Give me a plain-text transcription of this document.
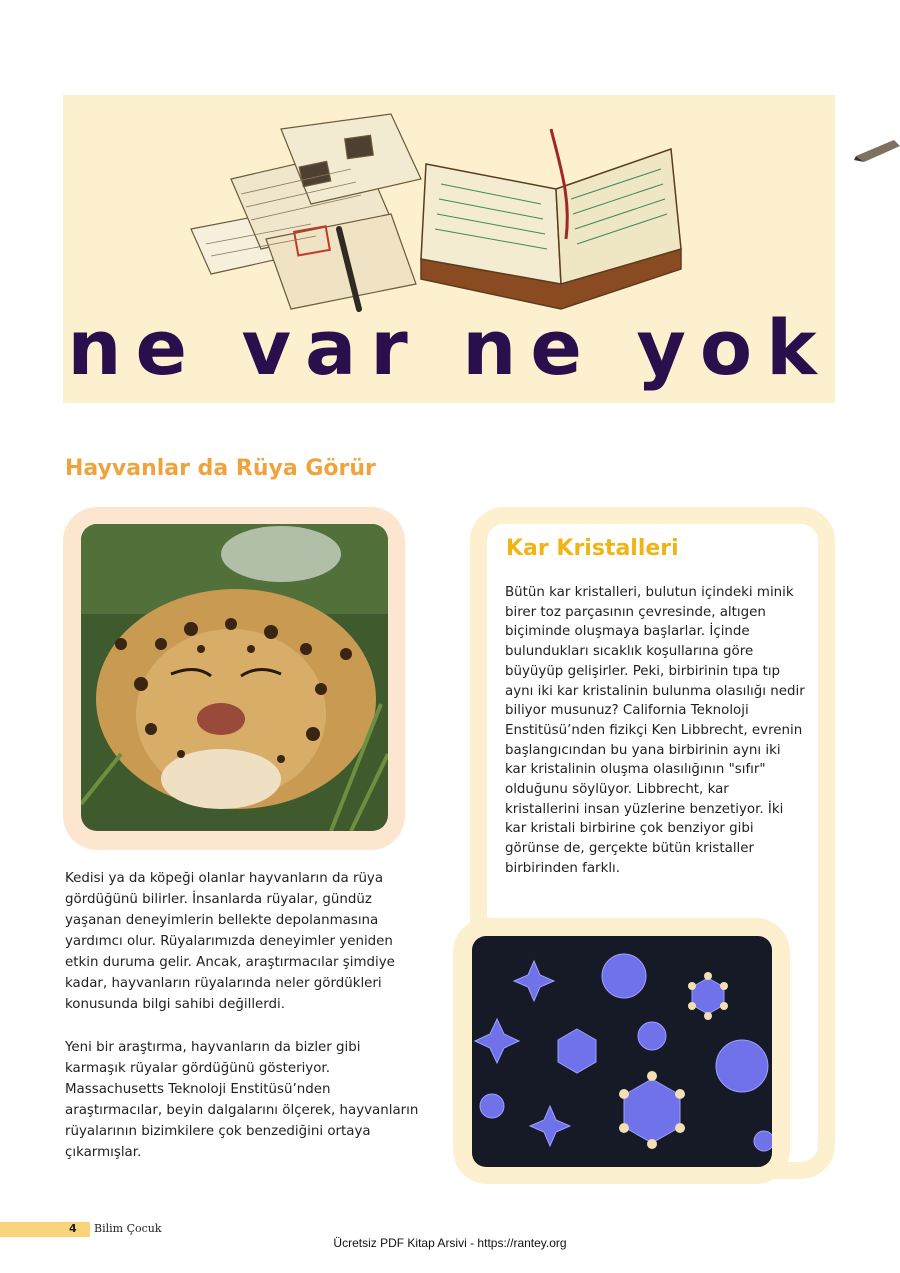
ne var ne yok
Hayvanlar da Rüya Görür
Kedisi ya da köpeği olanlar hayvanların da rüya gördüğünü bilirler. İnsanlarda rüyalar, gündüz yaşanan deneyimlerin bellekte depolanmasına yardımcı olur. Rüyalarımızda deneyimler yeniden etkin duruma gelir. Ancak, araştırmacılar şimdiye kadar, hayvanların rüyalarında neler gördükleri konusunda bilgi sahibi değillerdi.
Yeni bir araştırma, hayvanların da bizler gibi karmaşık rüyalar gördüğünü gösteriyor. Massachusetts Teknoloji Enstitüsü’nden araştırmacılar, beyin dalgalarını ölçerek, hayvanların rüyalarının bizimkilere çok benzediğini ortaya çıkarmışlar.
Kar Kristalleri
Bütün kar kristalleri, bulutun içindeki minik birer toz parçasının çevresinde, altıgen biçiminde oluşmaya başlarlar. İçinde bulundukları sıcaklık koşullarına göre büyüyüp gelişirler. Peki, birbirinin tıpa tıp aynı iki kar kristalinin bulunma olasılığı nedir biliyor musunuz? California Teknoloji Enstitüsü’nden fizikçi Ken Libbrecht, evrenin başlangıcından bu yana birbirinin aynı iki kar kristalinin oluşma olasılığının "sıfır" olduğunu söylüyor. Libbrecht, kar kristallerini insan yüzlerine benzetiyor. İki kar kristali birbirine çok benziyor gibi görünse de, gerçekte bütün kristaller birbirinden farklı.
4 Bilim Çocuk
Ücretsiz PDF Kitap Arsivi - https://rantey.org
